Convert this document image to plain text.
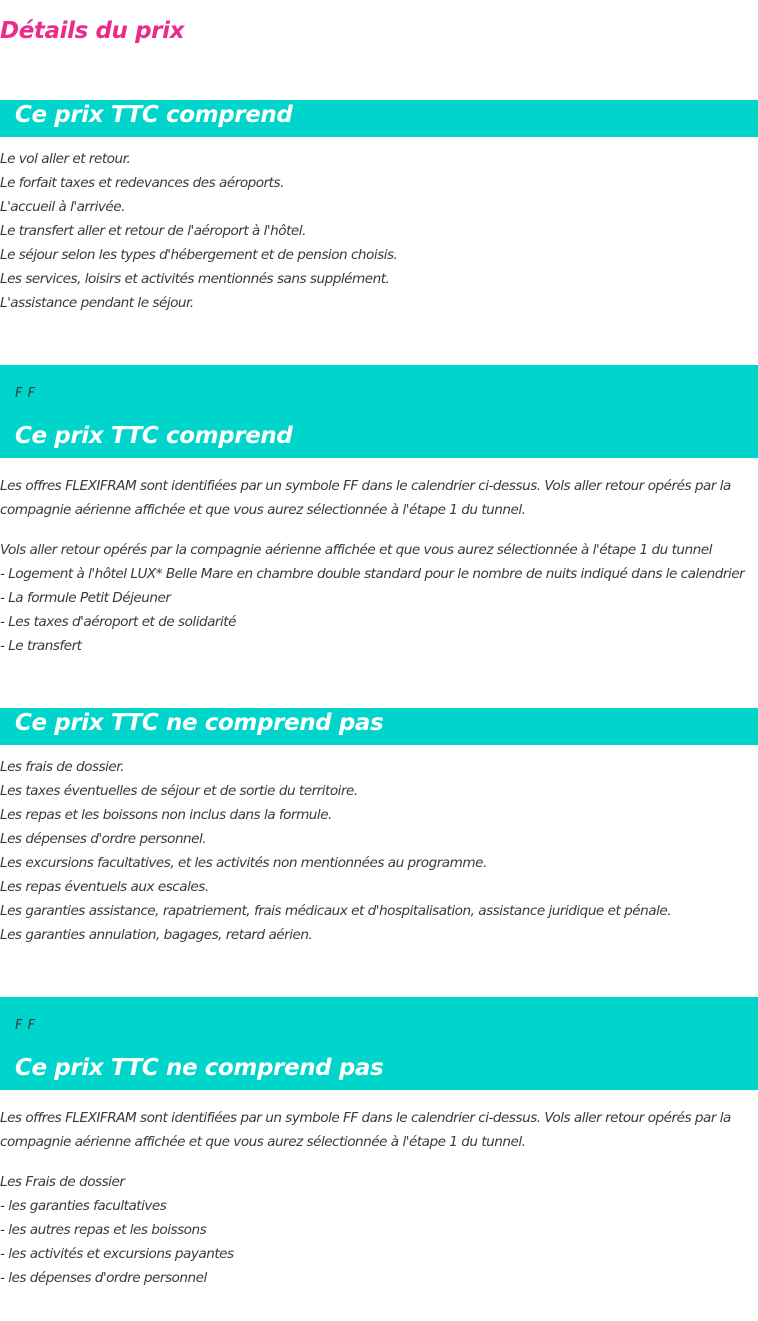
Détails du prix
Ce prix TTC comprend
Le vol aller et retour.
Le forfait taxes et redevances des aéroports.
L'accueil à l'arrivée.
Le transfert aller et retour de l'aéroport à l'hôtel.
Le séjour selon les types d'hébergement et de pension choisis.
Les services, loisirs et activités mentionnés sans supplément.
L'assistance pendant le séjour.
F F
Ce prix TTC comprend

Les offres FLEXIFRAM sont identifiées par un symbole FF dans le calendrier ci-dessus. Vols aller retour opérés par la
compagnie aérienne affichée et que vous aurez sélectionnée à l'étape 1 du tunnel.

Vols aller retour opérés par la compagnie aérienne affichée et que vous aurez sélectionnée à l'étape 1 du tunnel
- Logement à l'hôtel LUX* Belle Mare en chambre double standard pour le nombre de nuits indiqué dans le calendrier
- La formule Petit Déjeuner
- Les taxes d'aéroport et de solidarité
- Le transfert
Ce prix TTC ne comprend pas
Les frais de dossier.
Les taxes éventuelles de séjour et de sortie du territoire.
Les repas et les boissons non inclus dans la formule.
Les dépenses d'ordre personnel.
Les excursions facultatives, et les activités non mentionnées au programme.
Les repas éventuels aux escales.
Les garanties assistance, rapatriement, frais médicaux et d'hospitalisation, assistance juridique et pénale.
Les garanties annulation, bagages, retard aérien.
F F
Ce prix TTC ne comprend pas

Les offres FLEXIFRAM sont identifiées par un symbole FF dans le calendrier ci-dessus. Vols aller retour opérés par la
compagnie aérienne affichée et que vous aurez sélectionnée à l'étape 1 du tunnel.

Les Frais de dossier
- les garanties facultatives
- les autres repas et les boissons
- les activités et excursions payantes
- les dépenses d'ordre personnel
